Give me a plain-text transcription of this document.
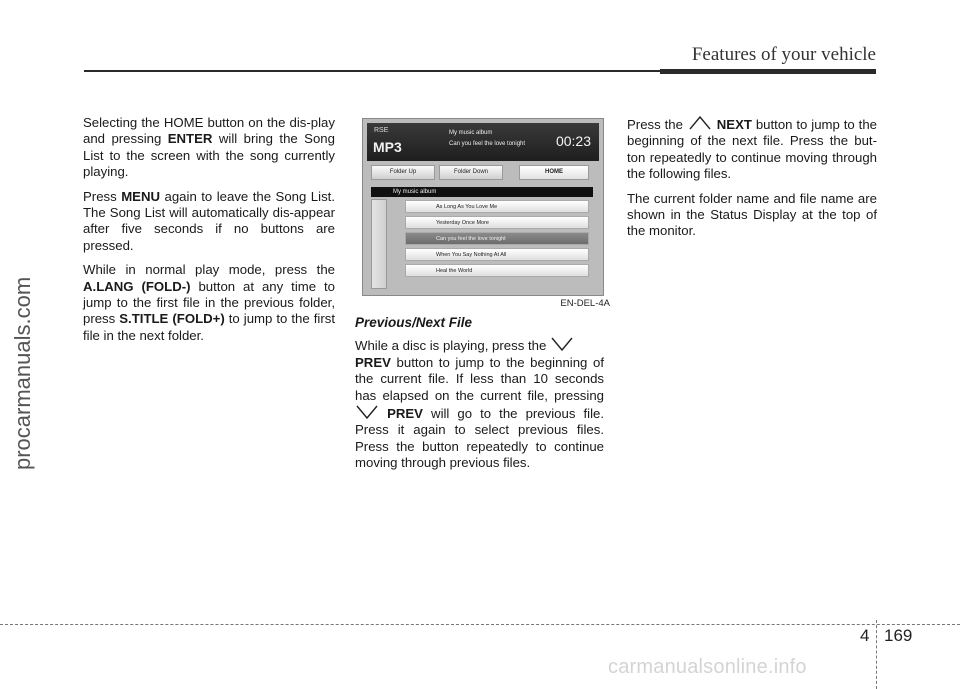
Features of your vehicle
procarmanuals.com

Selecting the HOME button on the dis-play and pressing ENTER will bring the Song List to the screen with the song currently playing.

Press MENU again to leave the Song List. The Song List will automatically dis-appear after five seconds if no buttons are pressed.

While in normal play mode, press the A.LANG (FOLD-) button at any time to jump to the first file in the previous folder, press S.TITLE (FOLD+) to jump to the first file in the next folder.

RSE
MP3
My music album
Can you feel the love tonight 00:23
Folder Up	Folder Down	HOME
My music album
As Long As You Love Me
Yesterday Once More
Can you feel the love tonight
When You Say Nothing At All
Heal the World
EN-DEL-4A
Previous/Next File

While a disc is playing, press the
PREV button to jump to the beginning of the current file. If less than 10 seconds has elapsed on the current file, pressing  PREV will go to the previous file. Press it again to select previous files. Press the button repeatedly to continue moving through previous files.

Press the  NEXT button to jump to the beginning of the next file. Press the but-ton repeatedly to continue moving through the following files.

The current folder name and file name are shown in the Status Display at the top of the monitor.

4 169
carmanualsonline.info
